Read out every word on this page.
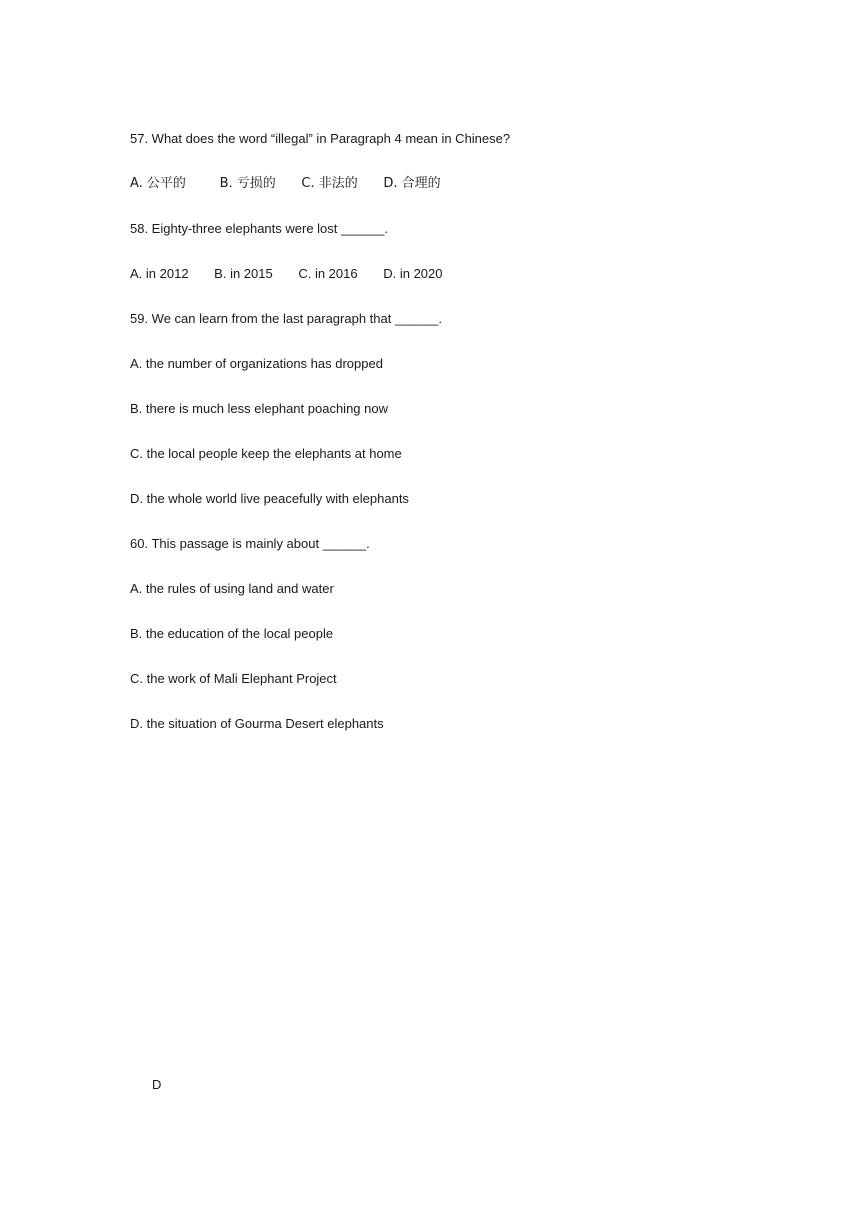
57. What does the word “illegal” in Paragraph 4 mean in Chinese?
A. 公平的	B. 亏损的 C. 非法的 D. 合理的
58. Eighty-three elephants were lost ______.
A. in 2012 B. in 2015 C. in 2016 D. in 2020
59. We can learn from the last paragraph that ______.
A. the number of organizations has dropped
B. there is much less elephant poaching now
C. the local people keep the elephants at home
D. the whole world live peacefully with elephants
60. This passage is mainly about ______.
A. the rules of using land and water
B. the education of the local people
C. the work of Mali Elephant Project
D. the situation of Gourma Desert elephants
D
